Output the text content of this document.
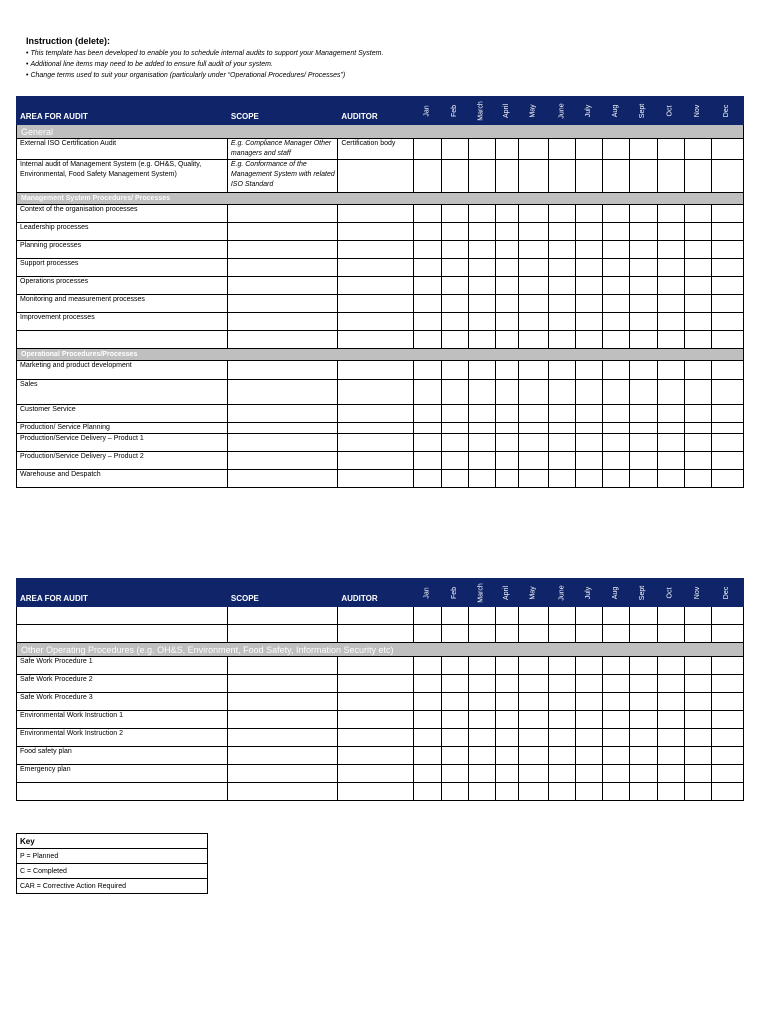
Instruction (delete):
• This template has been developed to enable you to schedule internal audits to support your Management System.
• Additional line items may need to be added to ensure full audit of your system.
• Change terms used to suit your organisation (particularly under “Operational Procedures/ Processes”)
AREA FOR AUDIT	SCOPE	AUDITOR	Jan	Feb	March	April	May	June	July	Aug	Sept	Oct	Nov	Dec
General														
External ISO Certification Audit	E.g. Compliance Manager Other managers and staff	Certification body												
Internal audit of Management System (e.g. OH&S, Quality, Environmental, Food Safety Management System)	E.g. Conformance of the Management System with related ISO Standard													
Management System Procedures/ Processes														
Context of the organisation processes														
Leadership processes														
Planning processes														
Support processes														
Operations processes														
Monitoring and measurement processes														
Improvement processes														

Operational Procedures/Processes														
Marketing and product development														
Sales														
Customer Service														
Production/ Service Planning														
Production/Service Delivery – Product 1														
Production/Service Delivery – Product 2														
Warehouse and Despatch														
AREA FOR AUDIT	SCOPE	AUDITOR	Jan	Feb	March	April	May	June	July	Aug	Sept	Oct	Nov	Dec

Other Operating Procedures (e.g. OH&S, Environment, Food Safety, Information Security etc)														
Safe Work Procedure 1														
Safe Work Procedure 2														
Safe Work Procedure 3														
Environmental Work Instruction 1														
Environmental Work Instruction 2														
Food safety plan														
Emergency plan														

Key
P = Planned
C = Completed
CAR = Corrective Action Required
